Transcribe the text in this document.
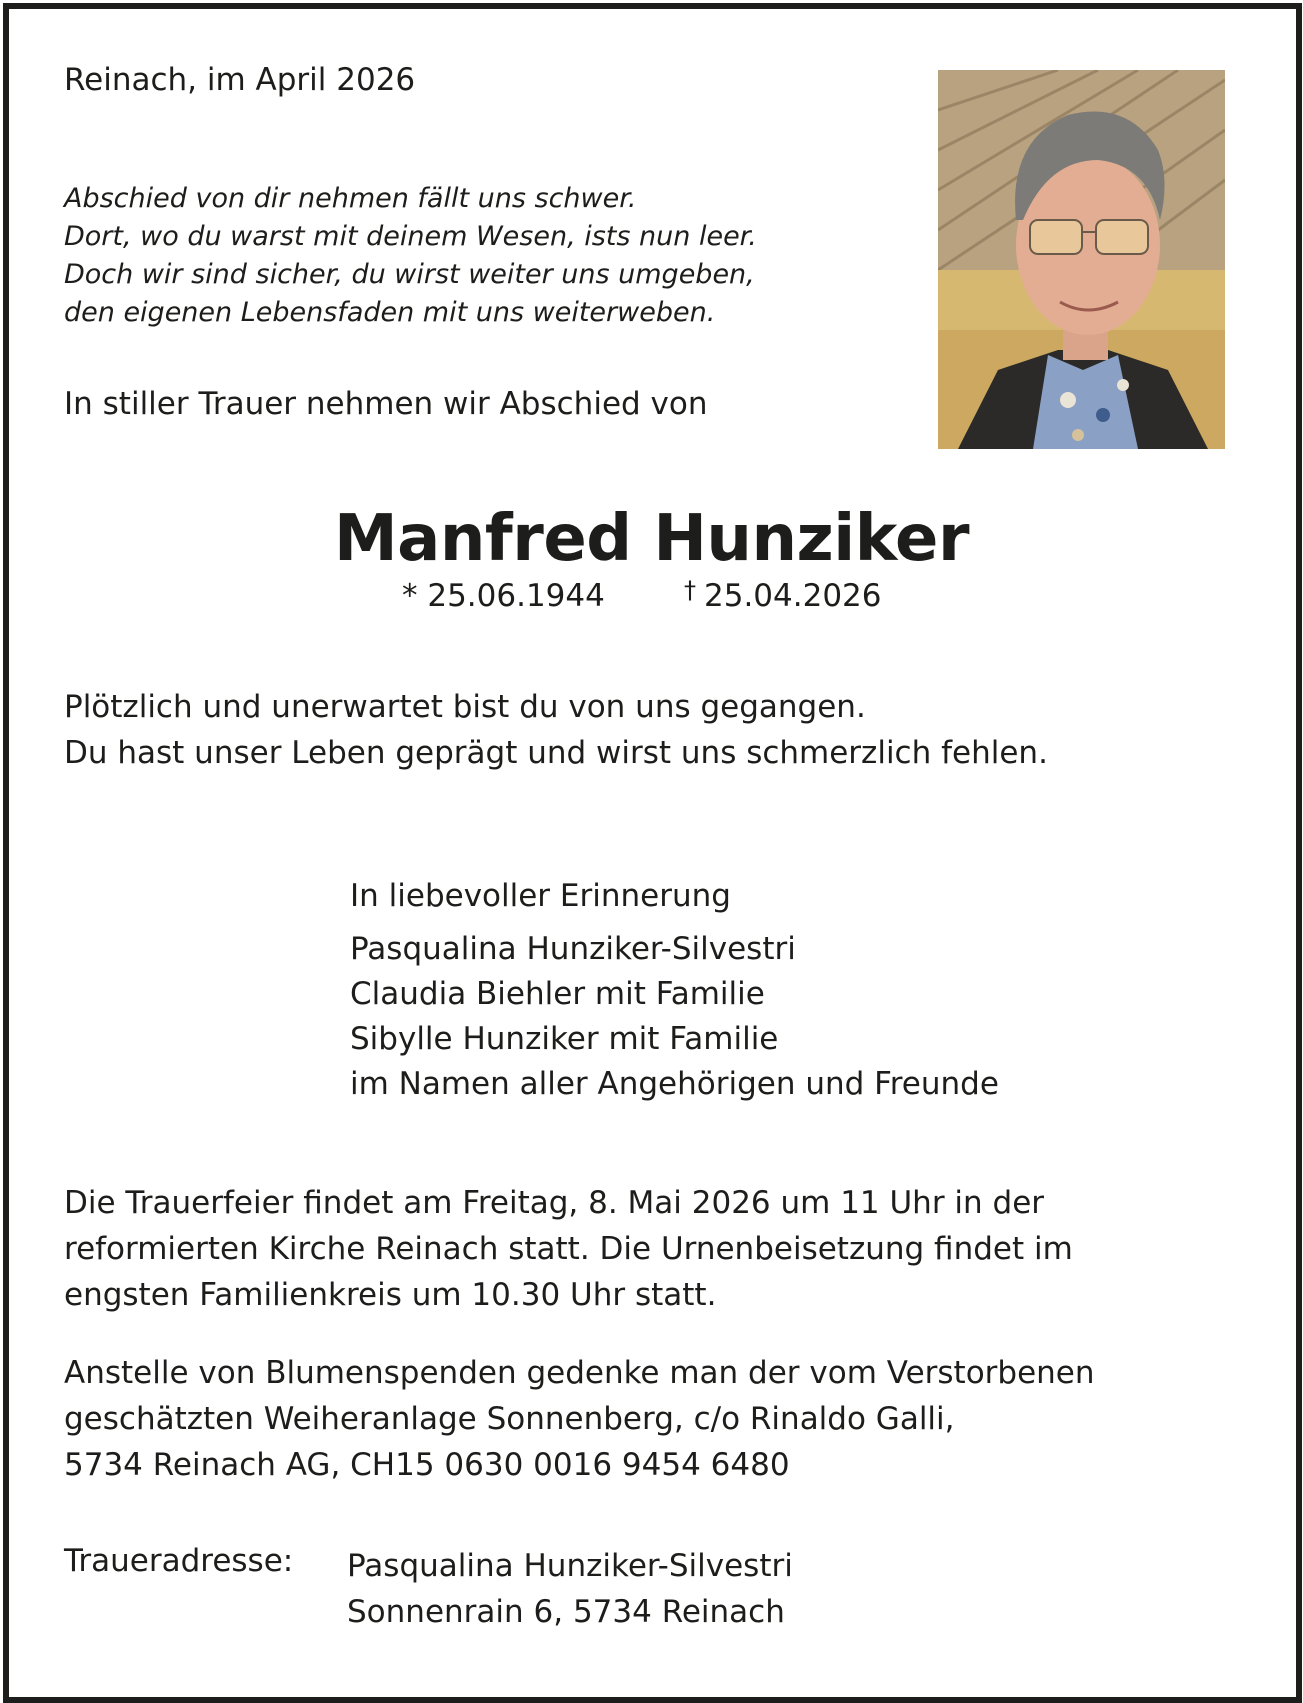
Reinach, im April 2026
Abschied von dir nehmen fällt uns schwer.
Dort, wo du warst mit deinem Wesen, ists nun leer.
Doch wir sind sicher, du wirst weiter uns umgeben,
den eigenen Lebensfaden mit uns weiterweben.
In stiller Trauer nehmen wir Abschied von
Manfred Hunziker
* 25.06.1944	† 25.04.2026
Plötzlich und unerwartet bist du von uns gegangen.
Du hast unser Leben geprägt und wirst uns schmerzlich fehlen.
In liebevoller Erinnerung
Pasqualina Hunziker-Silvestri
Claudia Biehler mit Familie
Sibylle Hunziker mit Familie
im Namen aller Angehörigen und Freunde
Die Trauerfeier findet am Freitag, 8. Mai 2026 um 11 Uhr in der
reformierten Kirche Reinach statt. Die Urnenbeisetzung findet im
engsten Familienkreis um 10.30 Uhr statt.
Anstelle von Blumenspenden gedenke man der vom Verstorbenen
geschätzten Weiheranlage Sonnenberg, c/o Rinaldo Galli,
5734 Reinach AG, CH15 0630 0016 9454 6480
Traueradresse: Pasqualina Hunziker-Silvestri
Sonnenrain 6, 5734 Reinach
